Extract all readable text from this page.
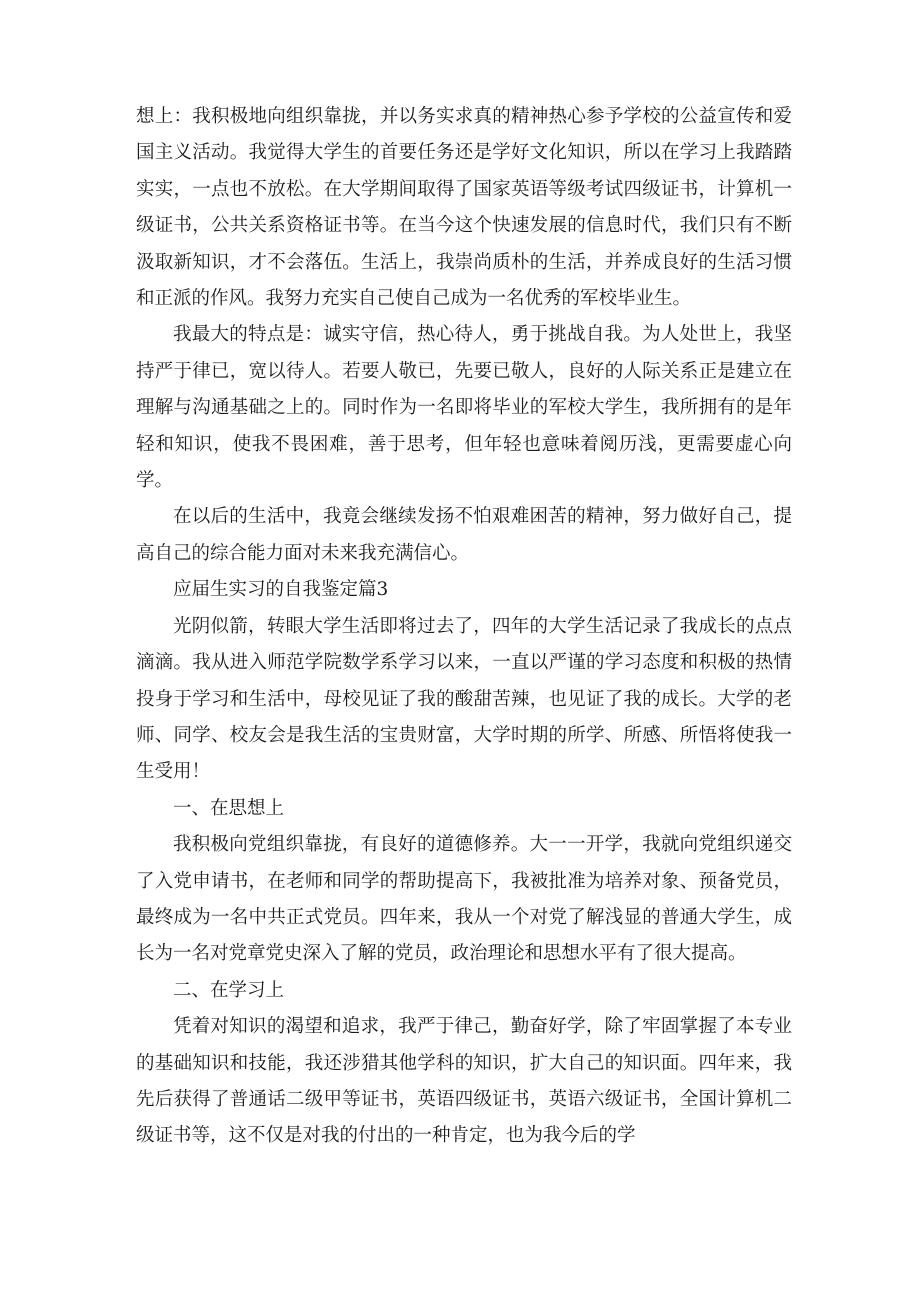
想上：我积极地向组织靠拢，并以务实求真的精神热心参予学校的公益宣传和爱国主义活动。我觉得大学生的首要任务还是学好文化知识，所以在学习上我踏踏实实，一点也不放松。在大学期间取得了国家英语等级考试四级证书，计算机一级证书，公共关系资格证书等。在当今这个快速发展的信息时代，我们只有不断汲取新知识，才不会落伍。生活上，我崇尚质朴的生活，并养成良好的生活习惯和正派的作风。我努力充实自己使自己成为一名优秀的军校毕业生。

我最大的特点是：诚实守信，热心待人，勇于挑战自我。为人处世上，我坚持严于律已，宽以待人。若要人敬已，先要已敬人，良好的人际关系正是建立在理解与沟通基础之上的。同时作为一名即将毕业的军校大学生，我所拥有的是年轻和知识，使我不畏困难，善于思考，但年轻也意味着阅历浅，更需要虚心向学。

在以后的生活中，我竟会继续发扬不怕艰难困苦的精神，努力做好自己，提高自己的综合能力面对未来我充满信心。

应届生实习的自我鉴定篇3

光阴似箭，转眼大学生活即将过去了，四年的大学生活记录了我成长的点点滴滴。我从进入师范学院数学系学习以来，一直以严谨的学习态度和积极的热情投身于学习和生活中，母校见证了我的酸甜苦辣，也见证了我的成长。大学的老师、同学、校友会是我生活的宝贵财富，大学时期的所学、所感、所悟将使我一生受用！

一、在思想上

我积极向党组织靠拢，有良好的道德修养。大一一开学，我就向党组织递交了入党申请书，在老师和同学的帮助提高下，我被批准为培养对象、预备党员，最终成为一名中共正式党员。四年来，我从一个对党了解浅显的普通大学生，成长为一名对党章党史深入了解的党员，政治理论和思想水平有了很大提高。

二、在学习上

凭着对知识的渴望和追求，我严于律己，勤奋好学，除了牢固掌握了本专业的基础知识和技能，我还涉猎其他学科的知识，扩大自己的知识面。四年来，我先后获得了普通话二级甲等证书，英语四级证书，英语六级证书，全国计算机二级证书等，这不仅是对我的付出的一种肯定，也为我今后的学
